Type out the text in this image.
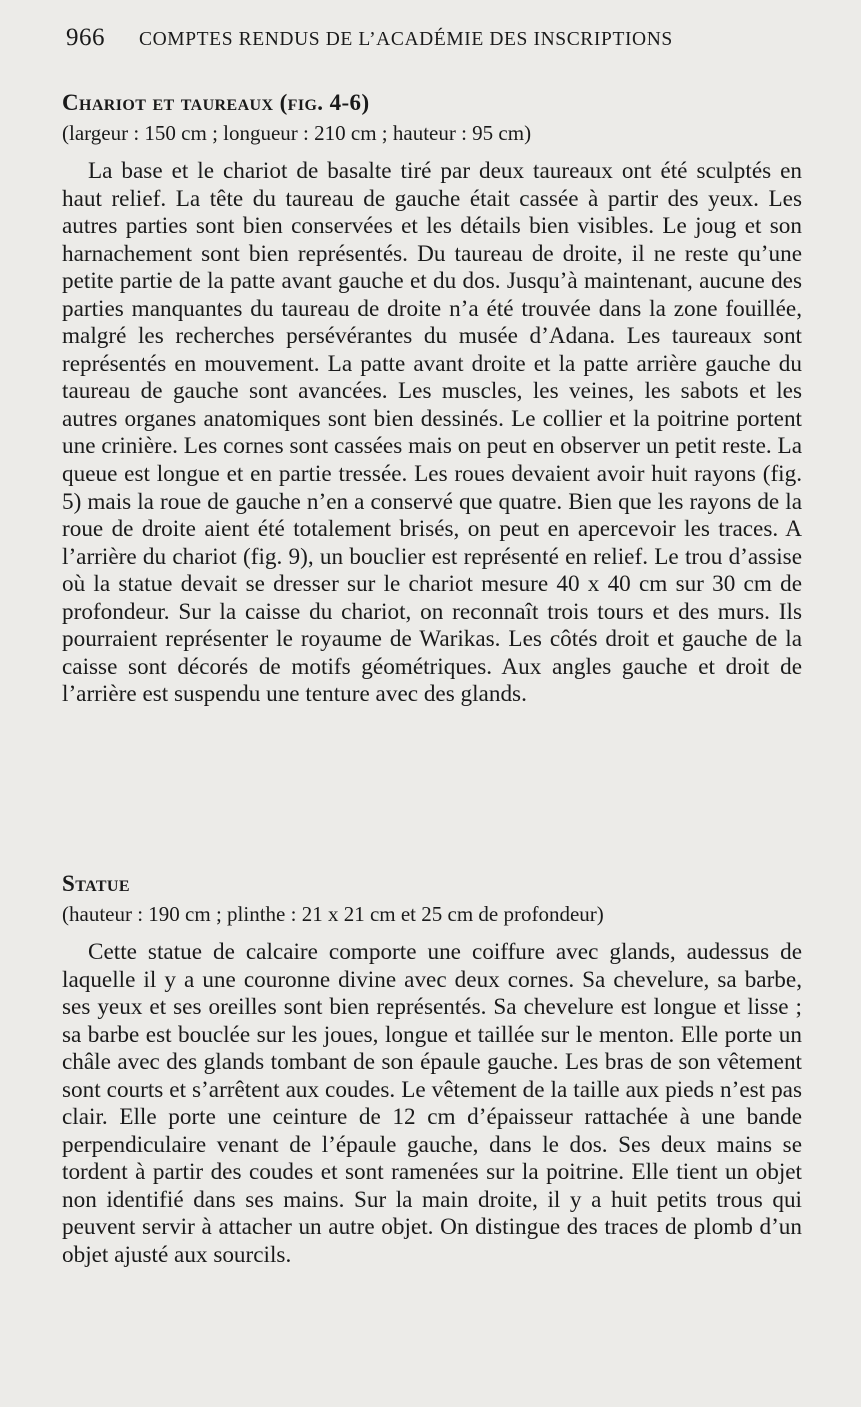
966 COMPTES RENDUS DE L’ACADÉMIE DES INSCRIPTIONS
Chariot et taureaux (fig. 4-6)

(largeur : 150 cm ; longueur : 210 cm ; hauteur : 95 cm)

La base et le chariot de basalte tiré par deux taureaux ont été sculptés en haut relief. La tête du taureau de gauche était cassée à partir des yeux. Les autres parties sont bien conservées et les détails bien visibles. Le joug et son harnachement sont bien représentés. Du taureau de droite, il ne reste qu’une petite partie de la patte avant gauche et du dos. Jusqu’à maintenant, aucune des parties manquantes du taureau de droite n’a été trouvée dans la zone fouillée, malgré les recherches persévérantes du musée d’Adana. Les taureaux sont représentés en mouvement. La patte avant droite et la patte arrière gauche du taureau de gauche sont avancées. Les muscles, les veines, les sabots et les autres organes anatomiques sont bien dessinés. Le collier et la poitrine portent une crinière. Les cornes sont cassées mais on peut en observer un petit reste. La queue est longue et en partie tressée. Les roues devaient avoir huit rayons (fig. 5) mais la roue de gauche n’en a conservé que quatre. Bien que les rayons de la roue de droite aient été totalement brisés, on peut en apercevoir les traces. A l’arrière du chariot (fig. 9), un bouclier est représenté en relief. Le trou d’assise où la statue devait se dresser sur le chariot mesure 40 x 40 cm sur 30 cm de profondeur. Sur la caisse du chariot, on reconnaît trois tours et des murs. Ils pourraient représenter le royaume de Warikas. Les côtés droit et gauche de la caisse sont décorés de motifs géométriques. Aux angles gauche et droit de l’arrière est suspendu une tenture avec des glands.

Statue

(hauteur : 190 cm ; plinthe : 21 x 21 cm et 25 cm de profondeur)

Cette statue de calcaire comporte une coiffure avec glands, audessus de laquelle il y a une couronne divine avec deux cornes. Sa chevelure, sa barbe, ses yeux et ses oreilles sont bien représentés. Sa chevelure est longue et lisse ; sa barbe est bouclée sur les joues, longue et taillée sur le menton. Elle porte un châle avec des glands tombant de son épaule gauche. Les bras de son vêtement sont courts et s’arrêtent aux coudes. Le vêtement de la taille aux pieds n’est pas clair. Elle porte une ceinture de 12 cm d’épaisseur rattachée à une bande perpendiculaire venant de l’épaule gauche, dans le dos. Ses deux mains se tordent à partir des coudes et sont ramenées sur la poitrine. Elle tient un objet non identifié dans ses mains. Sur la main droite, il y a huit petits trous qui peuvent servir à attacher un autre objet. On distingue des traces de plomb d’un objet ajusté aux sourcils.
